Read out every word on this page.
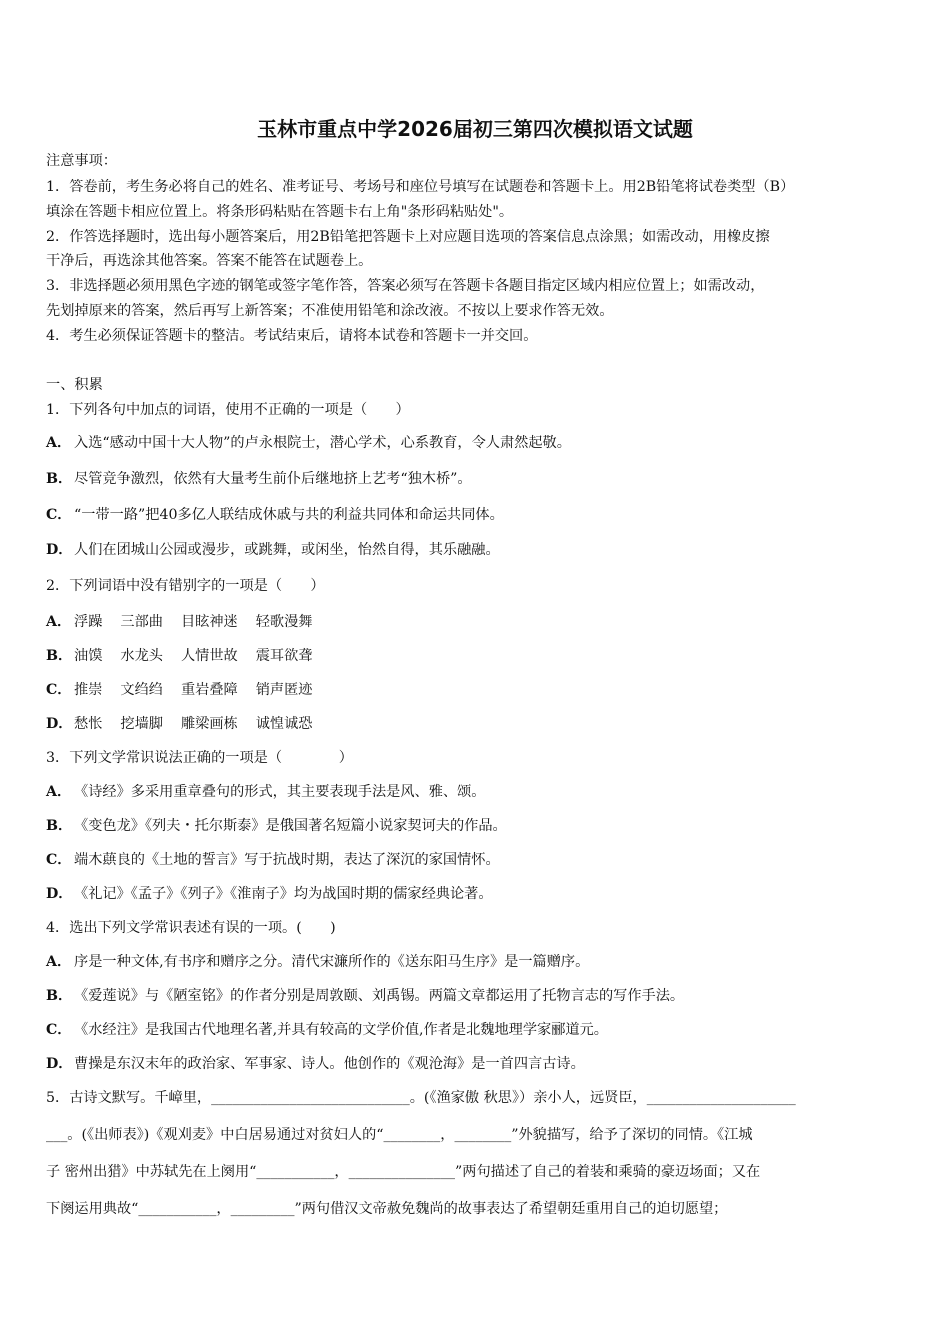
玉林市重点中学2026届初三第四次模拟语文试题
注意事项：
1．答卷前，考生务必将自己的姓名、准考证号、考场号和座位号填写在试题卷和答题卡上。用2B铅笔将试卷类型（B）
填涂在答题卡相应位置上。将条形码粘贴在答题卡右上角"条形码粘贴处"。
2．作答选择题时，选出每小题答案后，用2B铅笔把答题卡上对应题目选项的答案信息点涂黑；如需改动，用橡皮擦
干净后，再选涂其他答案。答案不能答在试题卷上。
3．非选择题必须用黑色字迹的钢笔或签字笔作答，答案必须写在答题卡各题目指定区域内相应位置上；如需改动，
先划掉原来的答案，然后再写上新答案；不准使用铅笔和涂改液。不按以上要求作答无效。
4．考生必须保证答题卡的整洁。考试结束后，请将本试卷和答题卡一并交回。
一、积累
1．下列各句中加点的词语，使用不正确的一项是（　　）
A． 入选“感动中国十大人物”的卢永根院士，潜心学术，心系教育，令人肃然起敬。
B． 尽管竞争激烈，依然有大量考生前仆后继地挤上艺考“独木桥”。
C． “一带一路”把40多亿人联结成休戚与共的利益共同体和命运共同体。
D． 人们在团城山公园或漫步，或跳舞，或闲坐，怡然自得，其乐融融。
2．下列词语中没有错别字的一项是（　　）
A． 浮躁 三部曲 目眩神迷 轻歌漫舞
B． 油馍 水龙头 人情世故 震耳欲聋
C． 推崇 文绉绉 重岩叠障 销声匿迹
D． 愁怅 挖墙脚 雕梁画栋 诚惶诚恐
3．下列文学常识说法正确的一项是（　　　　）
A． 《诗经》多采用重章叠句的形式，其主要表现手法是风、雅、颂。
B． 《变色龙》《列夫・托尔斯泰》是俄国著名短篇小说家契诃夫的作品。
C． 端木蕻良的《土地的誓言》写于抗战时期，表达了深沉的家国情怀。
D． 《礼记》《孟子》《列子》《淮南子》均为战国时期的儒家经典论著。
4．选出下列文学常识表述有误的一项。(　　)
A． 序是一种文体,有书序和赠序之分。清代宋濂所作的《送东阳马生序》是一篇赠序。
B． 《爱莲说》与《陋室铭》的作者分别是周敦颐、刘禹锡。两篇文章都运用了托物言志的写作手法。
C． 《水经注》是我国古代地理名著,并具有较高的文学价值,作者是北魏地理学家郦道元。
D． 曹操是东汉末年的政治家、军事家、诗人。他创作的《观沧海》是一首四言古诗。
5．古诗文默写。千嶂里，____________________________。(《渔家傲 秋思》）亲小人，远贤臣，_____________________
___。(《出师表》)《观刈麦》中白居易通过对贫妇人的“________，________”外貌描写，给予了深切的同情。《江城
子 密州出猎》中苏轼先在上阕用“___________，_______________”两句描述了自己的着装和乘骑的豪迈场面；又在
下阕运用典故“___________，_________”两句借汉文帝赦免魏尚的故事表达了希望朝廷重用自己的迫切愿望；
